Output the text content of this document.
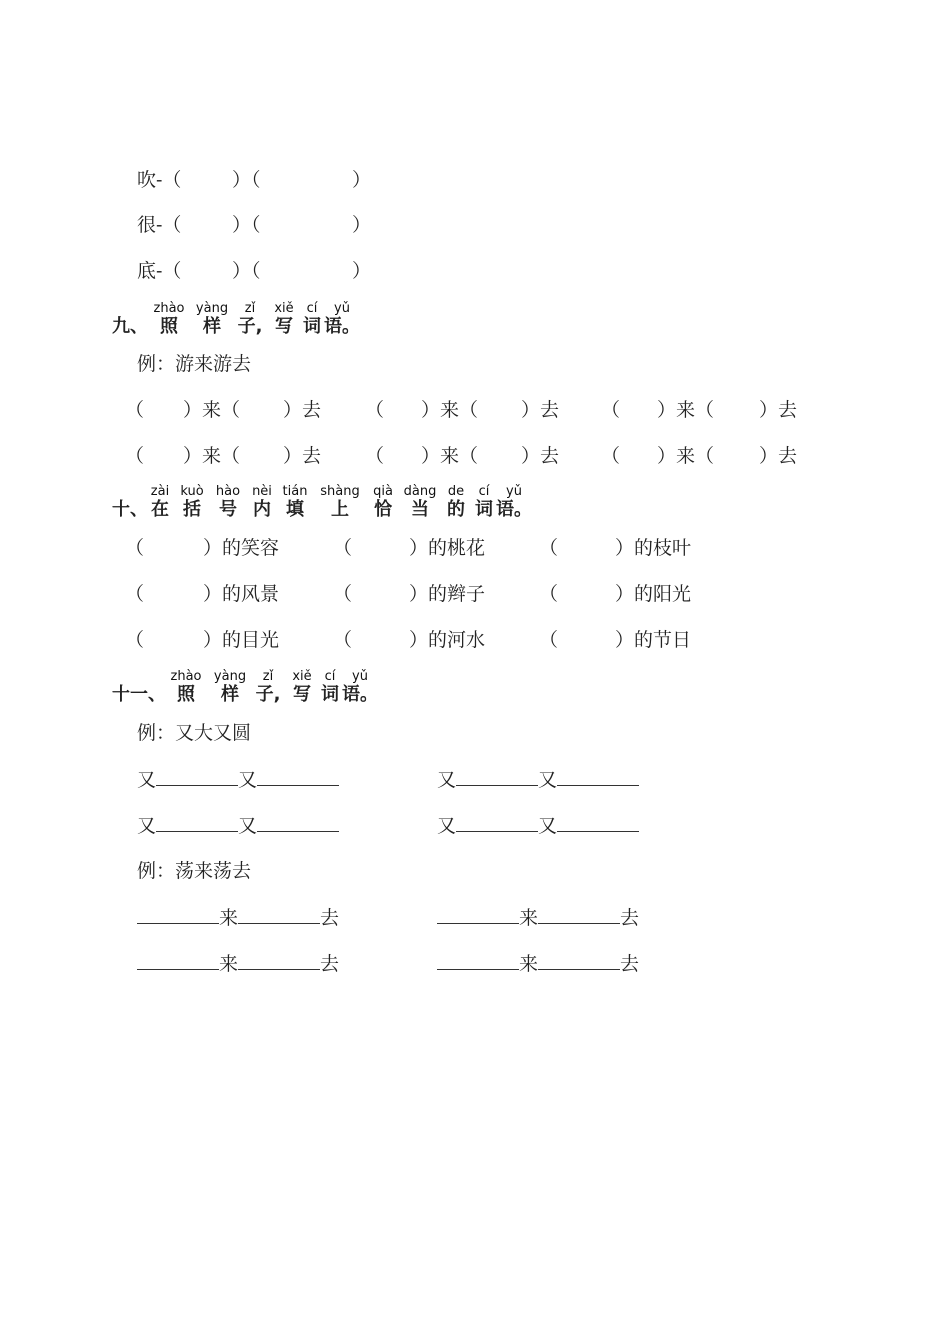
吹-（	）（	）
很-（	）（	）
底-（	）（	）
九、
zhào
照
yàng
样
zǐ
子,
xiě
写
cí
词
yǔ
语。
例：游来游去
（ ）来（ ）去 （ ）来（ ）去 （ ）来（ ）去
（ ）来（ ）去 （ ）来（ ）去 （ ）来（ ）去
十、
zài
在
kuò
括
hào
号
nèi
内
tián
填
shàng
上
qià
恰
dàng
当
de
的
cí
词
yǔ
语。
（	）的笑容	（	）的桃花	（	）的枝叶
（	）的风景	（	）的辫子	（	）的阳光
（	）的目光	（	）的河水	（	）的节日
十一、
zhào
照
yàng
样
zǐ
子,
xiě
写
cí
词
yǔ
语。
例：又大又圆
又	又	又	又
又	又	又	又
例：荡来荡去
来	去	来	去
来	去	来	去
